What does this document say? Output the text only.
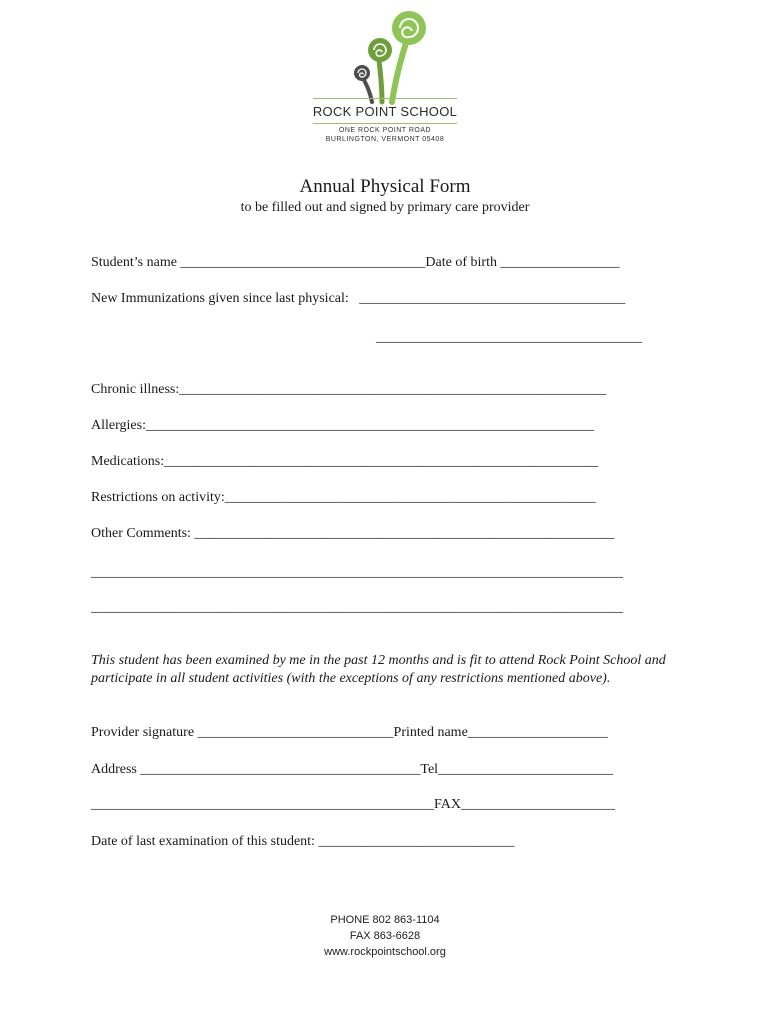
ROCK POINT SCHOOL
ONE ROCK POINT ROAD
BURLINGTON, VERMONT 05408
Annual Physical Form
to be filled out and signed by primary care provider
Student’s name ___________________________________Date of birth _________________
New Immunizations given since last physical:   ______________________________________
______________________________________
Chronic illness:_____________________________________________________________
Allergies:________________________________________________________________
Medications:______________________________________________________________
Restrictions on activity:_____________________________________________________
Other Comments: ____________________________________________________________
____________________________________________________________________________
____________________________________________________________________________
This student has been examined by me in the past 12 months and is fit to attend Rock Point School and participate in all student activities (with the exceptions of any restrictions mentioned above).
Provider signature ____________________________Printed name____________________
Address ________________________________________Tel_________________________
_________________________________________________FAX______________________
Date of last examination of this student: ____________________________
PHONE 802 863-1104
FAX 863-6628
www.rockpointschool.org
